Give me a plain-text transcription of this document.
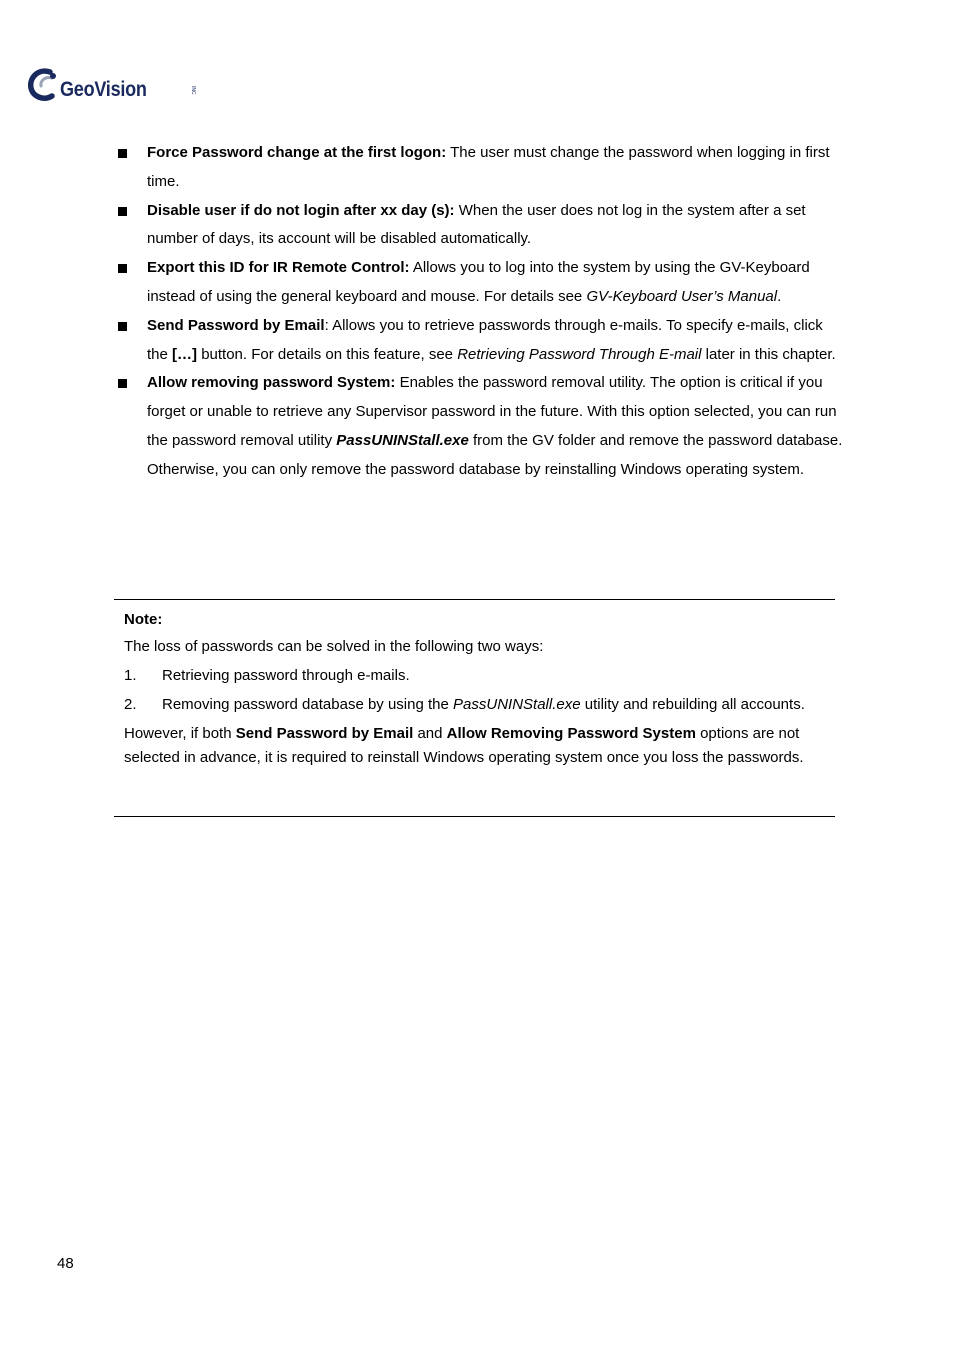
GeoVision	INC
Force Password change at the first logon: The user must change the password when logging in first time.
Disable user if do not login after xx day (s): When the user does not log in the system after a set number of days, its account will be disabled automatically.
Export this ID for IR Remote Control: Allows you to log into the system by using the GV-Keyboard instead of using the general keyboard and mouse. For details see GV-Keyboard User’s Manual.
Send Password by Email: Allows you to retrieve passwords through e-mails. To specify e-mails, click the […] button. For details on this feature, see Retrieving Password Through E-mail later in this chapter.
Allow removing password System: Enables the password removal utility. The option is critical if you forget or unable to retrieve any Supervisor password in the future. With this option selected, you can run the password removal utility PassUNINStall.exe from the GV folder and remove the password database. Otherwise, you can only remove the password database by reinstalling Windows operating system.

Note:

The loss of passwords can be solved in the following two ways:

1. Retrieving password through e-mails.
2. Removing password database by using the PassUNINStall.exe utility and rebuilding all accounts.

However, if both Send Password by Email and Allow Removing Password System options are not selected in advance, it is required to reinstall Windows operating system once you loss the passwords.

48
